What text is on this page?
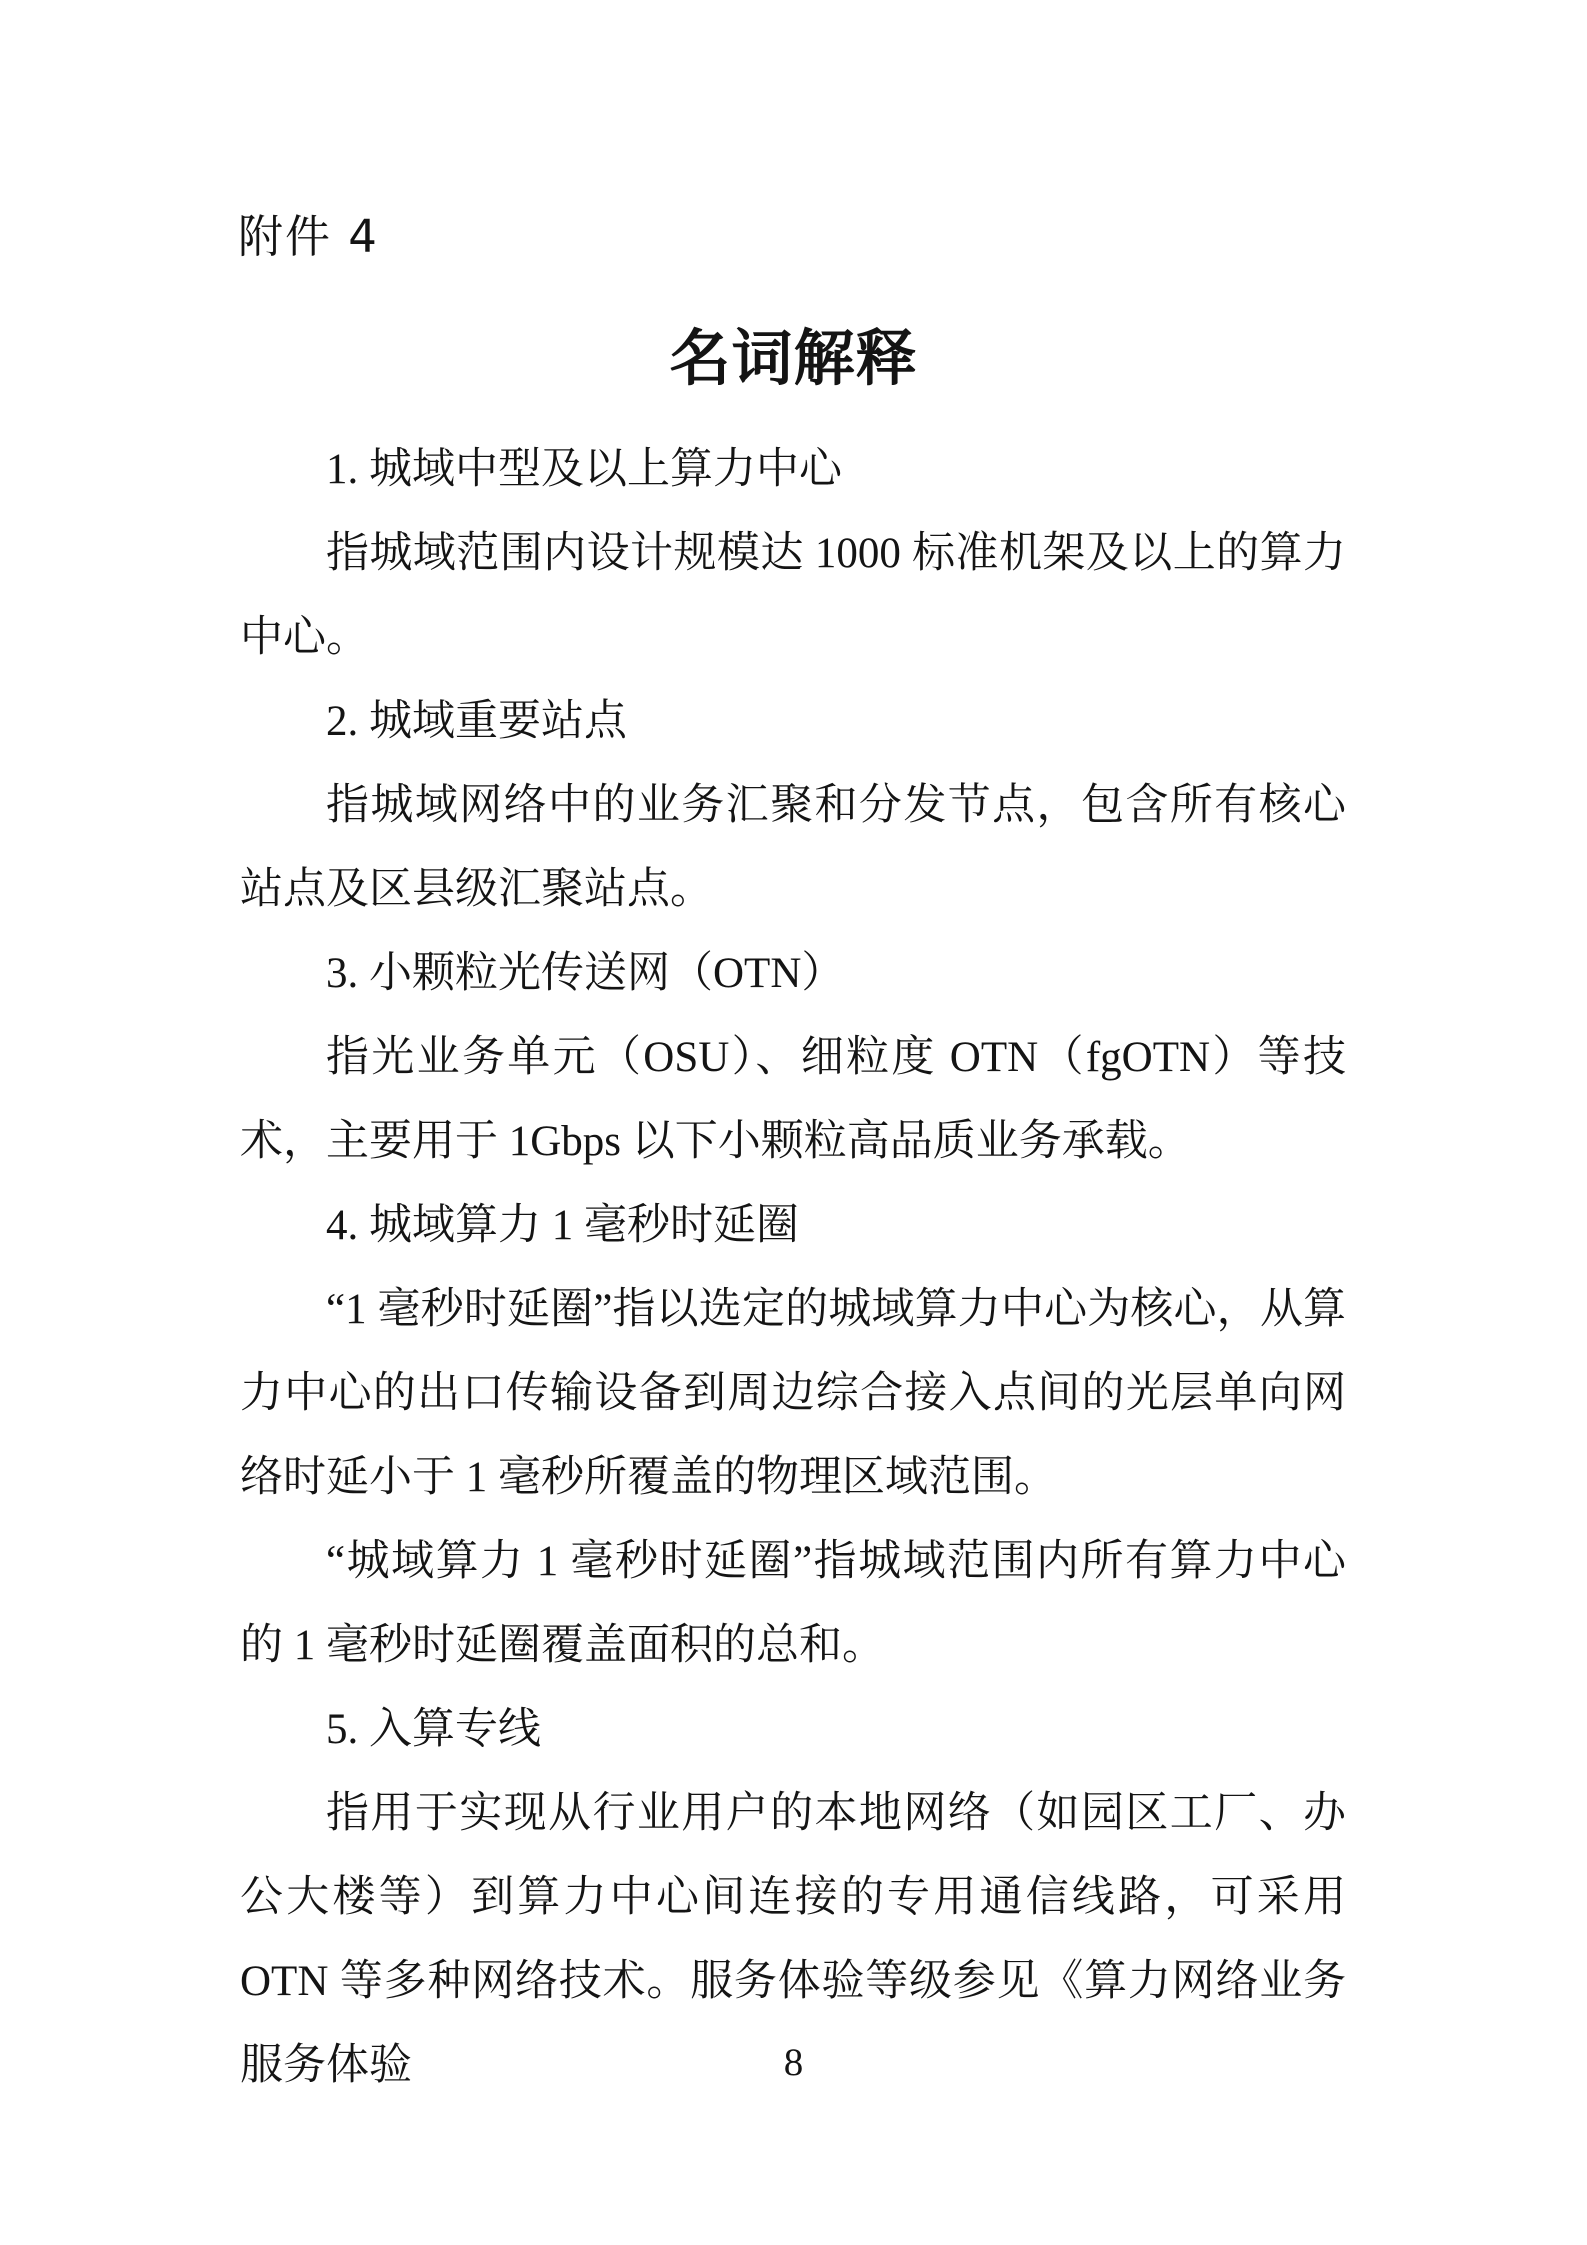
附件 4
名词解释
1. 城域中型及以上算力中心

指城域范围内设计规模达 1000 标准机架及以上的算力中心。

2. 城域重要站点

指城域网络中的业务汇聚和分发节点，包含所有核心站点及区县级汇聚站点。

3. 小颗粒光传送网（OTN）

指光业务单元（OSU）、细粒度 OTN（fgOTN）等技术，主要用于 1Gbps 以下小颗粒高品质业务承载。

4. 城域算力 1 毫秒时延圈

“1 毫秒时延圈”指以选定的城域算力中心为核心，从算力中心的出口传输设备到周边综合接入点间的光层单向网络时延小于 1 毫秒所覆盖的物理区域范围。

“城域算力 1 毫秒时延圈”指城域范围内所有算力中心的 1 毫秒时延圈覆盖面积的总和。

5. 入算专线

指用于实现从行业用户的本地网络（如园区工厂、办公大楼等）到算力中心间连接的专用通信线路，可采用 OTN 等多种网络技术。服务体验等级参见《算力网络业务服务体验	8
